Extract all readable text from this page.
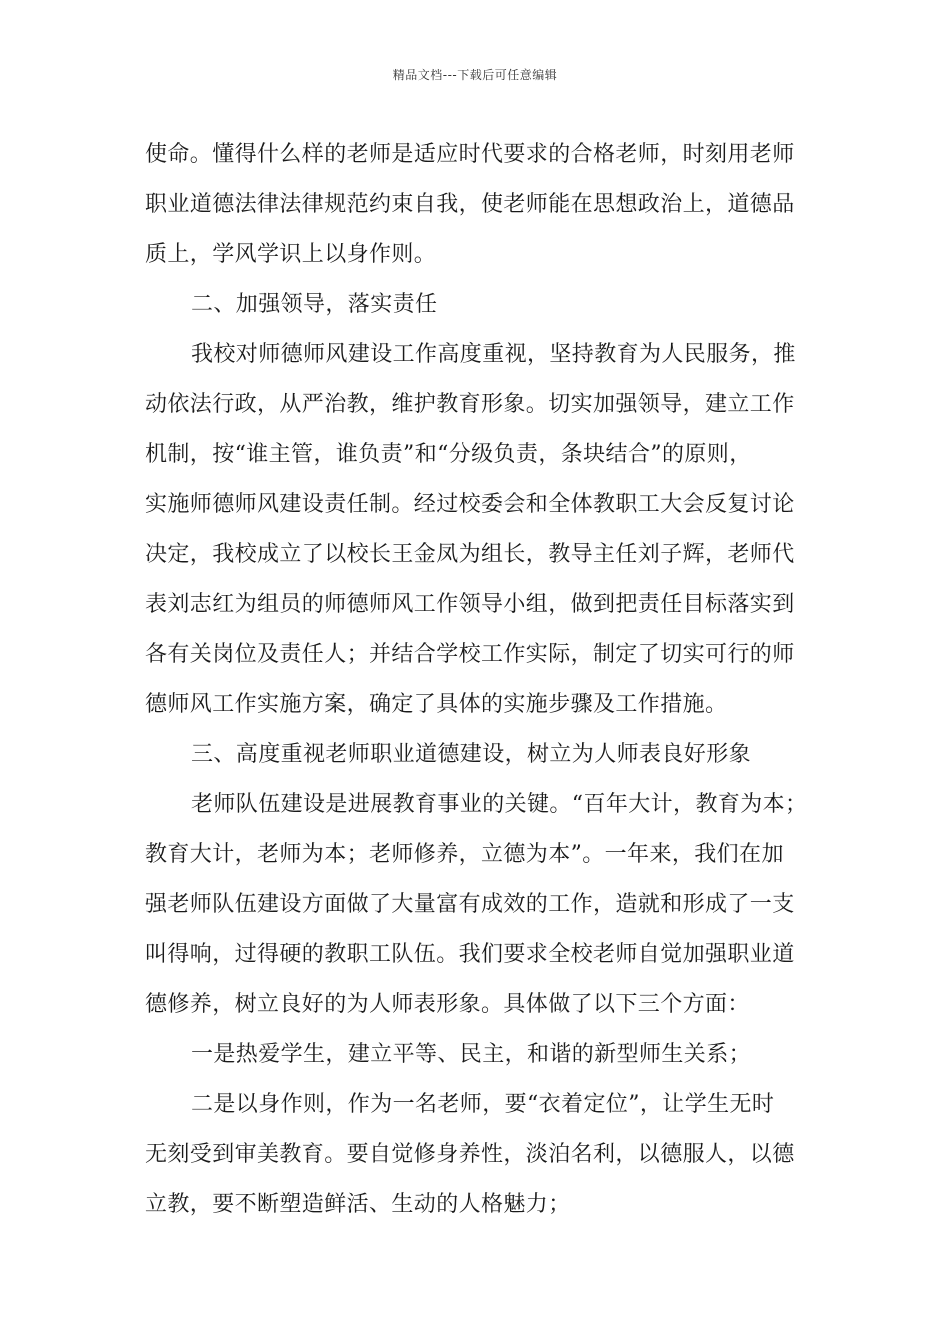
精品文档---下载后可任意编辑
使命。懂得什么样的老师是适应时代要求的合格老师，时刻用老师
职业道德法律法律规范约束自我，使老师能在思想政治上，道德品
质上，学风学识上以身作则。
二、加强领导，落实责任
我校对师德师风建设工作高度重视，坚持教育为人民服务，推
动依法行政，从严治教，维护教育形象。切实加强领导，建立工作
机制，按“谁主管，谁负责”和“分级负责，条块结合”的原则，
实施师德师风建设责任制。经过校委会和全体教职工大会反复讨论
决定，我校成立了以校长王金凤为组长，教导主任刘子辉，老师代
表刘志红为组员的师德师风工作领导小组，做到把责任目标落实到
各有关岗位及责任人；并结合学校工作实际，制定了切实可行的师
德师风工作实施方案，确定了具体的实施步骤及工作措施。
三、高度重视老师职业道德建设，树立为人师表良好形象
老师队伍建设是进展教育事业的关键。“百年大计，教育为本；
教育大计，老师为本；老师修养，立德为本”。一年来，我们在加
强老师队伍建设方面做了大量富有成效的工作，造就和形成了一支
叫得响，过得硬的教职工队伍。我们要求全校老师自觉加强职业道
德修养，树立良好的为人师表形象。具体做了以下三个方面：
一是热爱学生，建立平等、民主，和谐的新型师生关系；
二是以身作则，作为一名老师，要“衣着定位”，让学生无时
无刻受到审美教育。要自觉修身养性，淡泊名利，以德服人，以德
立教，要不断塑造鲜活、生动的人格魅力；
